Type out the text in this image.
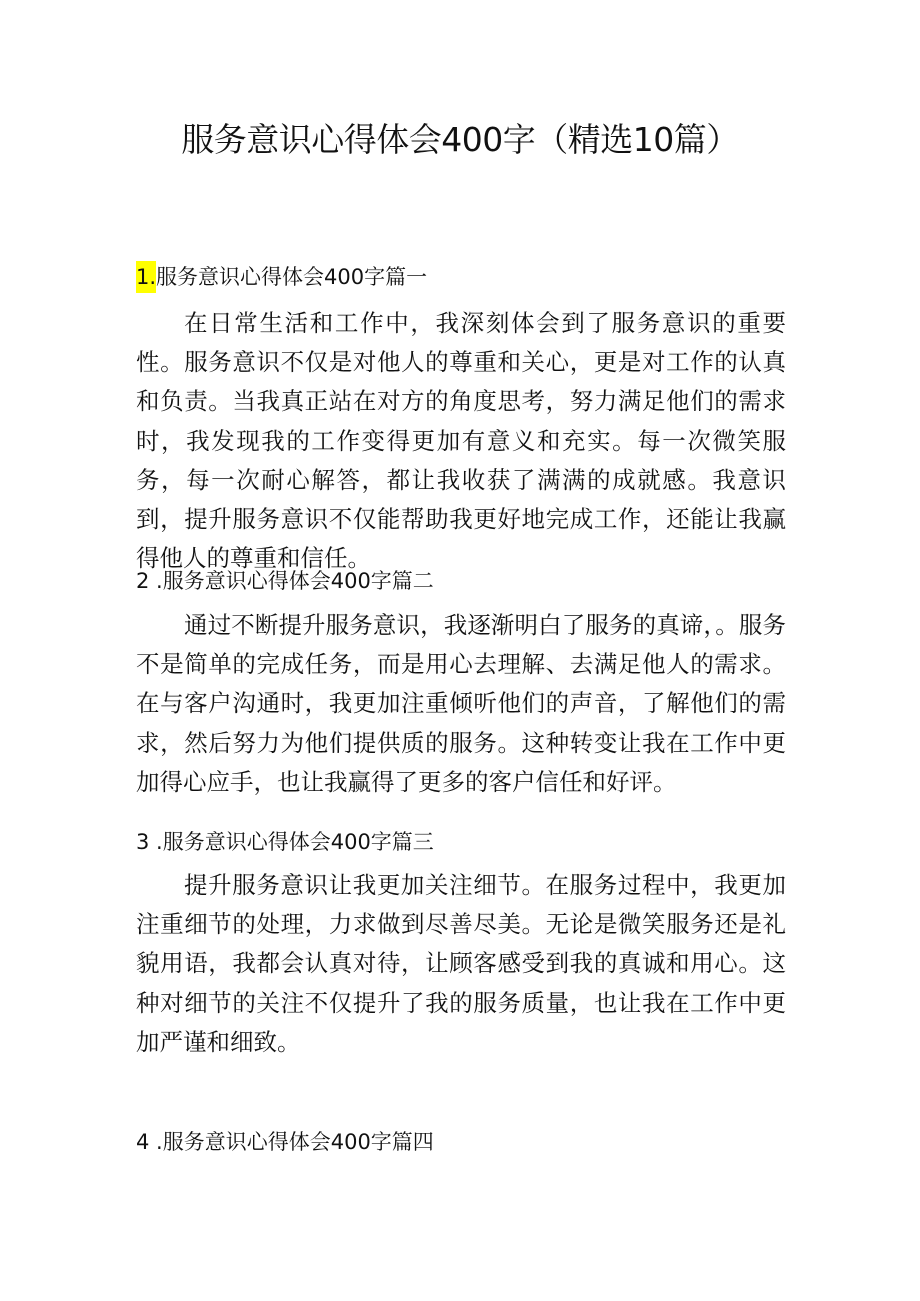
服务意识心得体会400字（精选10篇）
1.服务意识心得体会400字篇一

在日常生活和工作中，我深刻体会到了服务意识的重要性。服务意识不仅是对他人的尊重和关心，更是对工作的认真和负责。当我真正站在对方的角度思考，努力满足他们的需求时，我发现我的工作变得更加有意义和充实。每一次微笑服务，每一次耐心解答，都让我收获了满满的成就感。我意识到，提升服务意识不仅能帮助我更好地完成工作，还能让我赢得他人的尊重和信任。

2 .服务意识心得体会400字篇二

通过不断提升服务意识，我逐渐明白了服务的真谛，。服务不是简单的完成任务，而是用心去理解、去满足他人的需求。在与客户沟通时，我更加注重倾听他们的声音，了解他们的需求，然后努力为他们提供质的服务。这种转变让我在工作中更加得心应手，也让我赢得了更多的客户信任和好评。

3 .服务意识心得体会400字篇三

提升服务意识让我更加关注细节。在服务过程中，我更加注重细节的处理，力求做到尽善尽美。无论是微笑服务还是礼貌用语，我都会认真对待，让顾客感受到我的真诚和用心。这种对细节的关注不仅提升了我的服务质量，也让我在工作中更加严谨和细致。

4 .服务意识心得体会400字篇四
